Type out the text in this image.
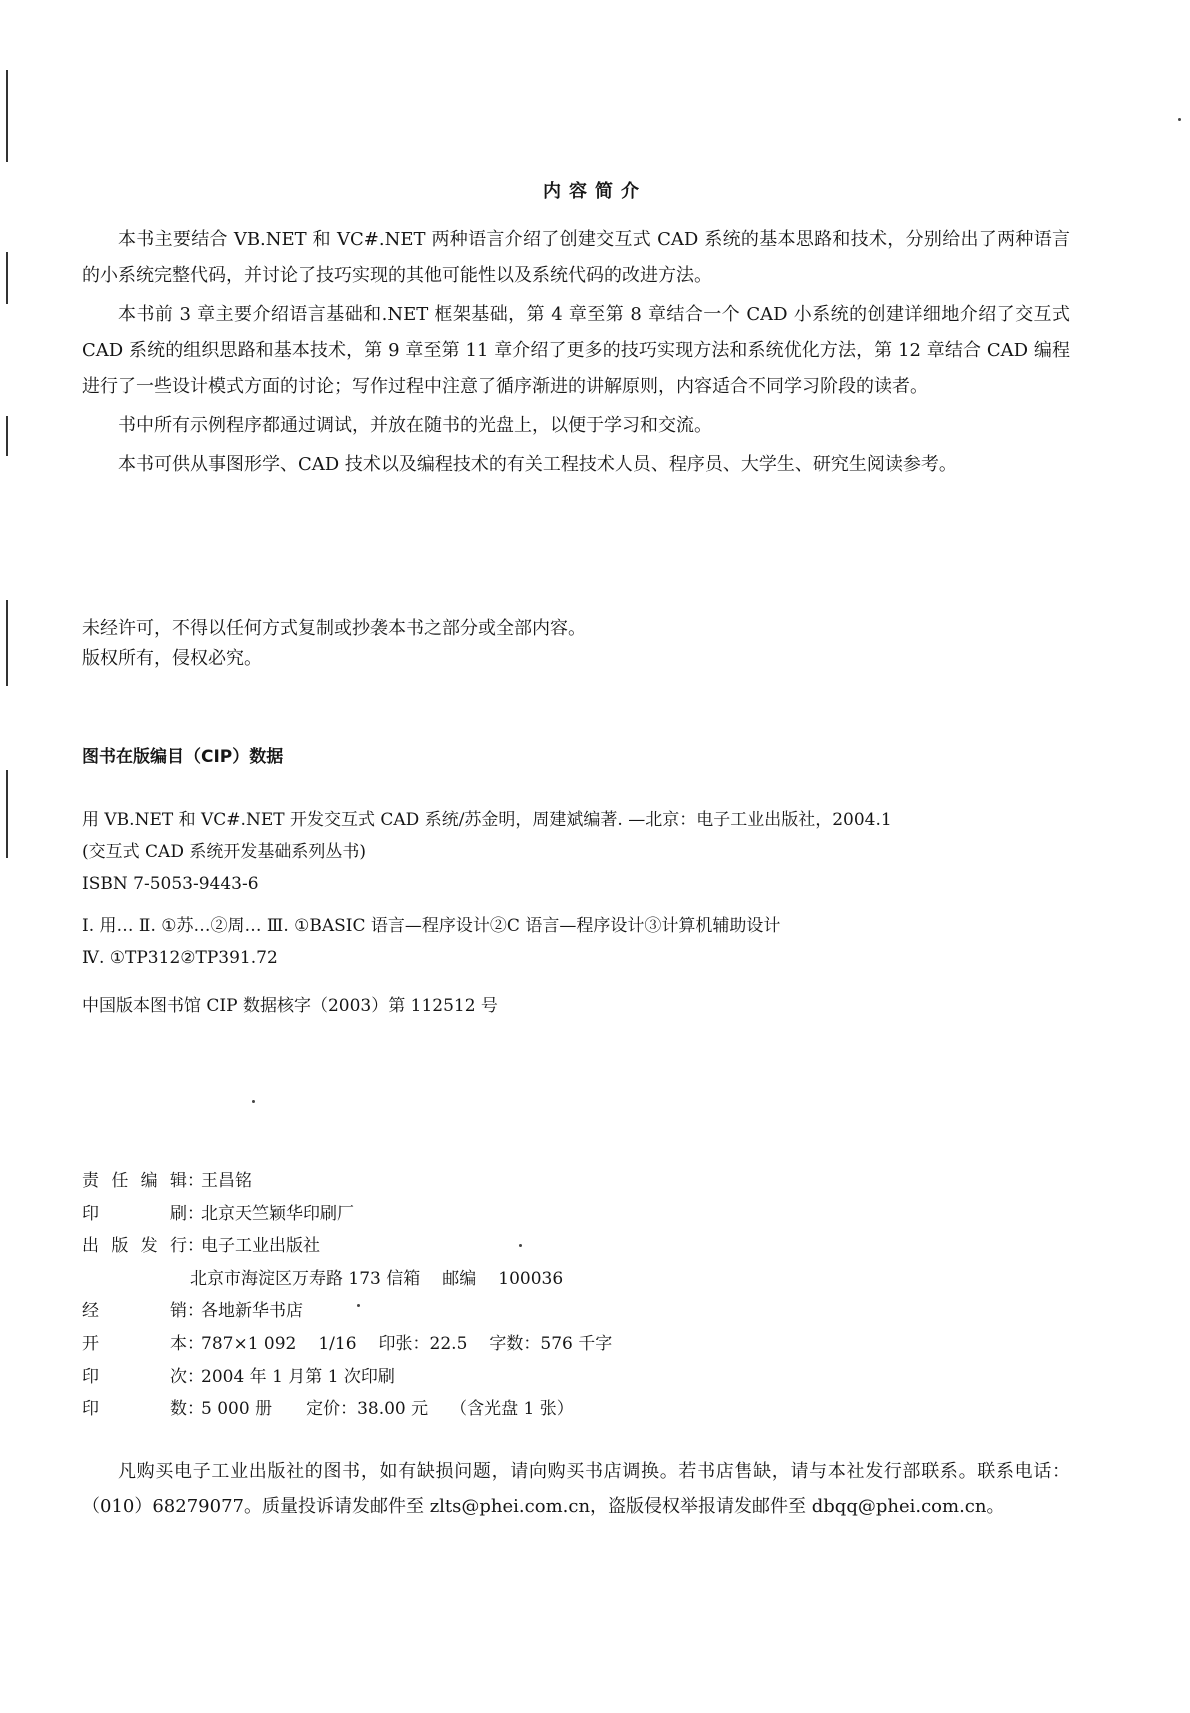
内容简介

本书主要结合 VB.NET 和 VC#.NET 两种语言介绍了创建交互式 CAD 系统的基本思路和技术，分别给出了两种语言的小系统完整代码，并讨论了技巧实现的其他可能性以及系统代码的改进方法。

本书前 3 章主要介绍语言基础和.NET 框架基础，第 4 章至第 8 章结合一个 CAD 小系统的创建详细地介绍了交互式 CAD 系统的组织思路和基本技术，第 9 章至第 11 章介绍了更多的技巧实现方法和系统优化方法，第 12 章结合 CAD 编程进行了一些设计模式方面的讨论；写作过程中注意了循序渐进的讲解原则，内容适合不同学习阶段的读者。

书中所有示例程序都通过调试，并放在随书的光盘上，以便于学习和交流。

本书可供从事图形学、CAD 技术以及编程技术的有关工程技术人员、程序员、大学生、研究生阅读参考。

未经许可，不得以任何方式复制或抄袭本书之部分或全部内容。
版权所有，侵权必究。
图书在版编目（CIP）数据
用 VB.NET 和 VC#.NET 开发交互式 CAD 系统/苏金明，周建斌编著. —北京：电子工业出版社，2004.1
(交互式 CAD 系统开发基础系列丛书)
ISBN 7-5053-9443-6
Ⅰ. 用… Ⅱ. ①苏…②周… Ⅲ. ①BASIC 语言—程序设计②C 语言—程序设计③计算机辅助设计
Ⅳ. ①TP312②TP391.72
中国版本图书馆 CIP 数据核字（2003）第 112512 号
责 任 编 辑 ：
王昌铭
印	刷 ：
北京天竺颖华印刷厂
出 版 发 行 ：
电子工业出版社
北京市海淀区万寿路 173 信箱 邮编 100036
经	销 ：
各地新华书店
开	本 ：
787×1 092 1/16 印张：22.5 字数：576 千字
印	次 ：
2004 年 1 月第 1 次印刷
印	数 ：
5 000 册 定价：38.00 元 （含光盘 1 张）
凡购买电子工业出版社的图书，如有缺损问题，请向购买书店调换。若书店售缺，请与本社发行部联系。联系电话：（010）68279077。质量投诉请发邮件至 zlts@phei.com.cn，盗版侵权举报请发邮件至 dbqq@phei.com.cn。
